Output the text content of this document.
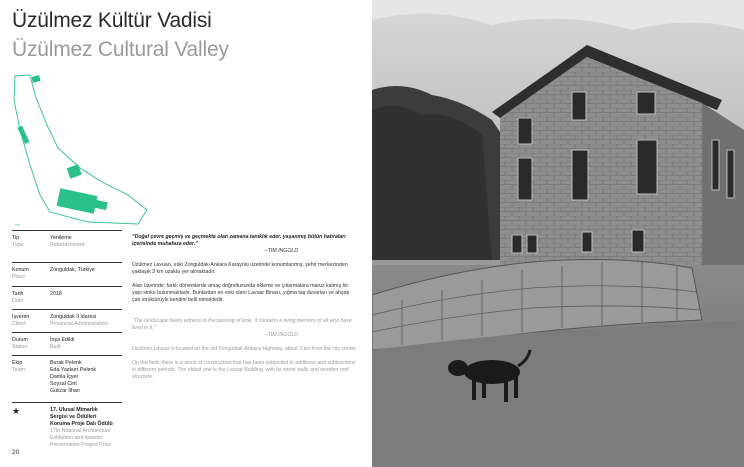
Üzülmez Kültür Vadisi
Üzülmez Cultural Valley
→
Tip
Type
Yenileme
Refurbishment
Konum
Place
Zonguldak, Türkiye
Tarih
Date
2018
İşveren
Client
Zonguldak İl İdaresi
Provincial Administration
Durum
Status
İnşa Edildi
Built
Ekip
Team
Burak Pelenk
Eda Yazkurt Pelenk
Damla İçyer
Soysal Cirit
Gülizar İlhan
★	17. Ulusal Mimarlık
Sergisi ve Ödülleri
Koruma Proje Dalı Ödülü
17th National Architecture
Exhibition and Awards
Preservation Project Price
20
“Doğal çevre geçmiş ve geçmekte olan zamana tanıklık eder, yaşanmış bütün hatıraları içerisinde muhafaza eder.”
–TIM INGOLD
Üzülmez Lavuarı, eski Zonguldak-Ankara Karayolu üzerinde konumlanmış, şehir merkezinden yaklaşık 3 km uzakta yer almaktadır.
Alan üzerinde; farklı dönemlerde amaç doğrultusunda ekleme ve çıkarmalara maruz kalmış bir yapı stoku bulunmaktadır. Bunlardan en eski olanı Lavuar Binası, yığma taş duvarları ve ahşap çatı strüktürüyle kendini belli etmektedir.
“The landscape bears witness to the passing of time, it contains a living memory of all who have lived in it.”
–TIM INGOLD
Üzülmez Lavuar is located on the old Zonguldak-Ankara Highway, about 3 km from the city center.
On the field; there is a stock of construction that has been subjected to additions and subtractions in different periods. The oldest one is the Lavuar Building, with its stone walls and wooden roof structure.
